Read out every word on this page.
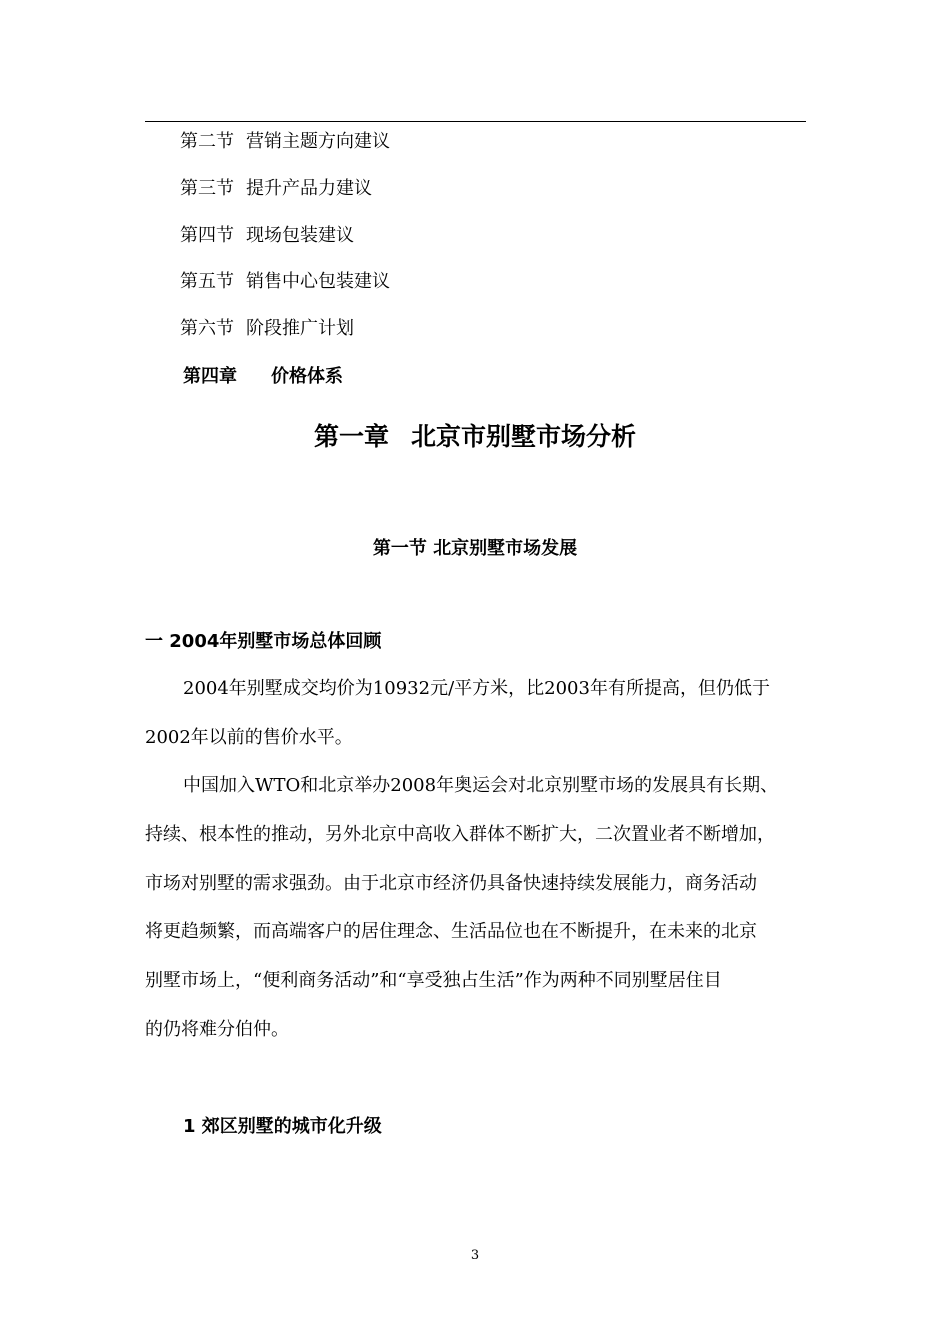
第二节 营销主题方向建议
第三节 提升产品力建议
第四节 现场包装建议
第五节 销售中心包装建议
第六节 阶段推广计划
第四章 价格体系
第一章 北京市别墅市场分析
第一节 北京别墅市场发展
一 2004年别墅市场总体回顾
2004年别墅成交均价为10932元/平方米，比2003年有所提高，但仍低于
2002年以前的售价水平。
中国加入WTO和北京举办2008年奥运会对北京别墅市场的发展具有长期、
持续、根本性的推动，另外北京中高收入群体不断扩大，二次置业者不断增加，
市场对别墅的需求强劲。由于北京市经济仍具备快速持续发展能力，商务活动
将更趋频繁，而高端客户的居住理念、生活品位也在不断提升，在未来的北京
别墅市场上，“便利商务活动”和“享受独占生活”作为两种不同别墅居住目
的仍将难分伯仲。
1 郊区别墅的城市化升级
3
